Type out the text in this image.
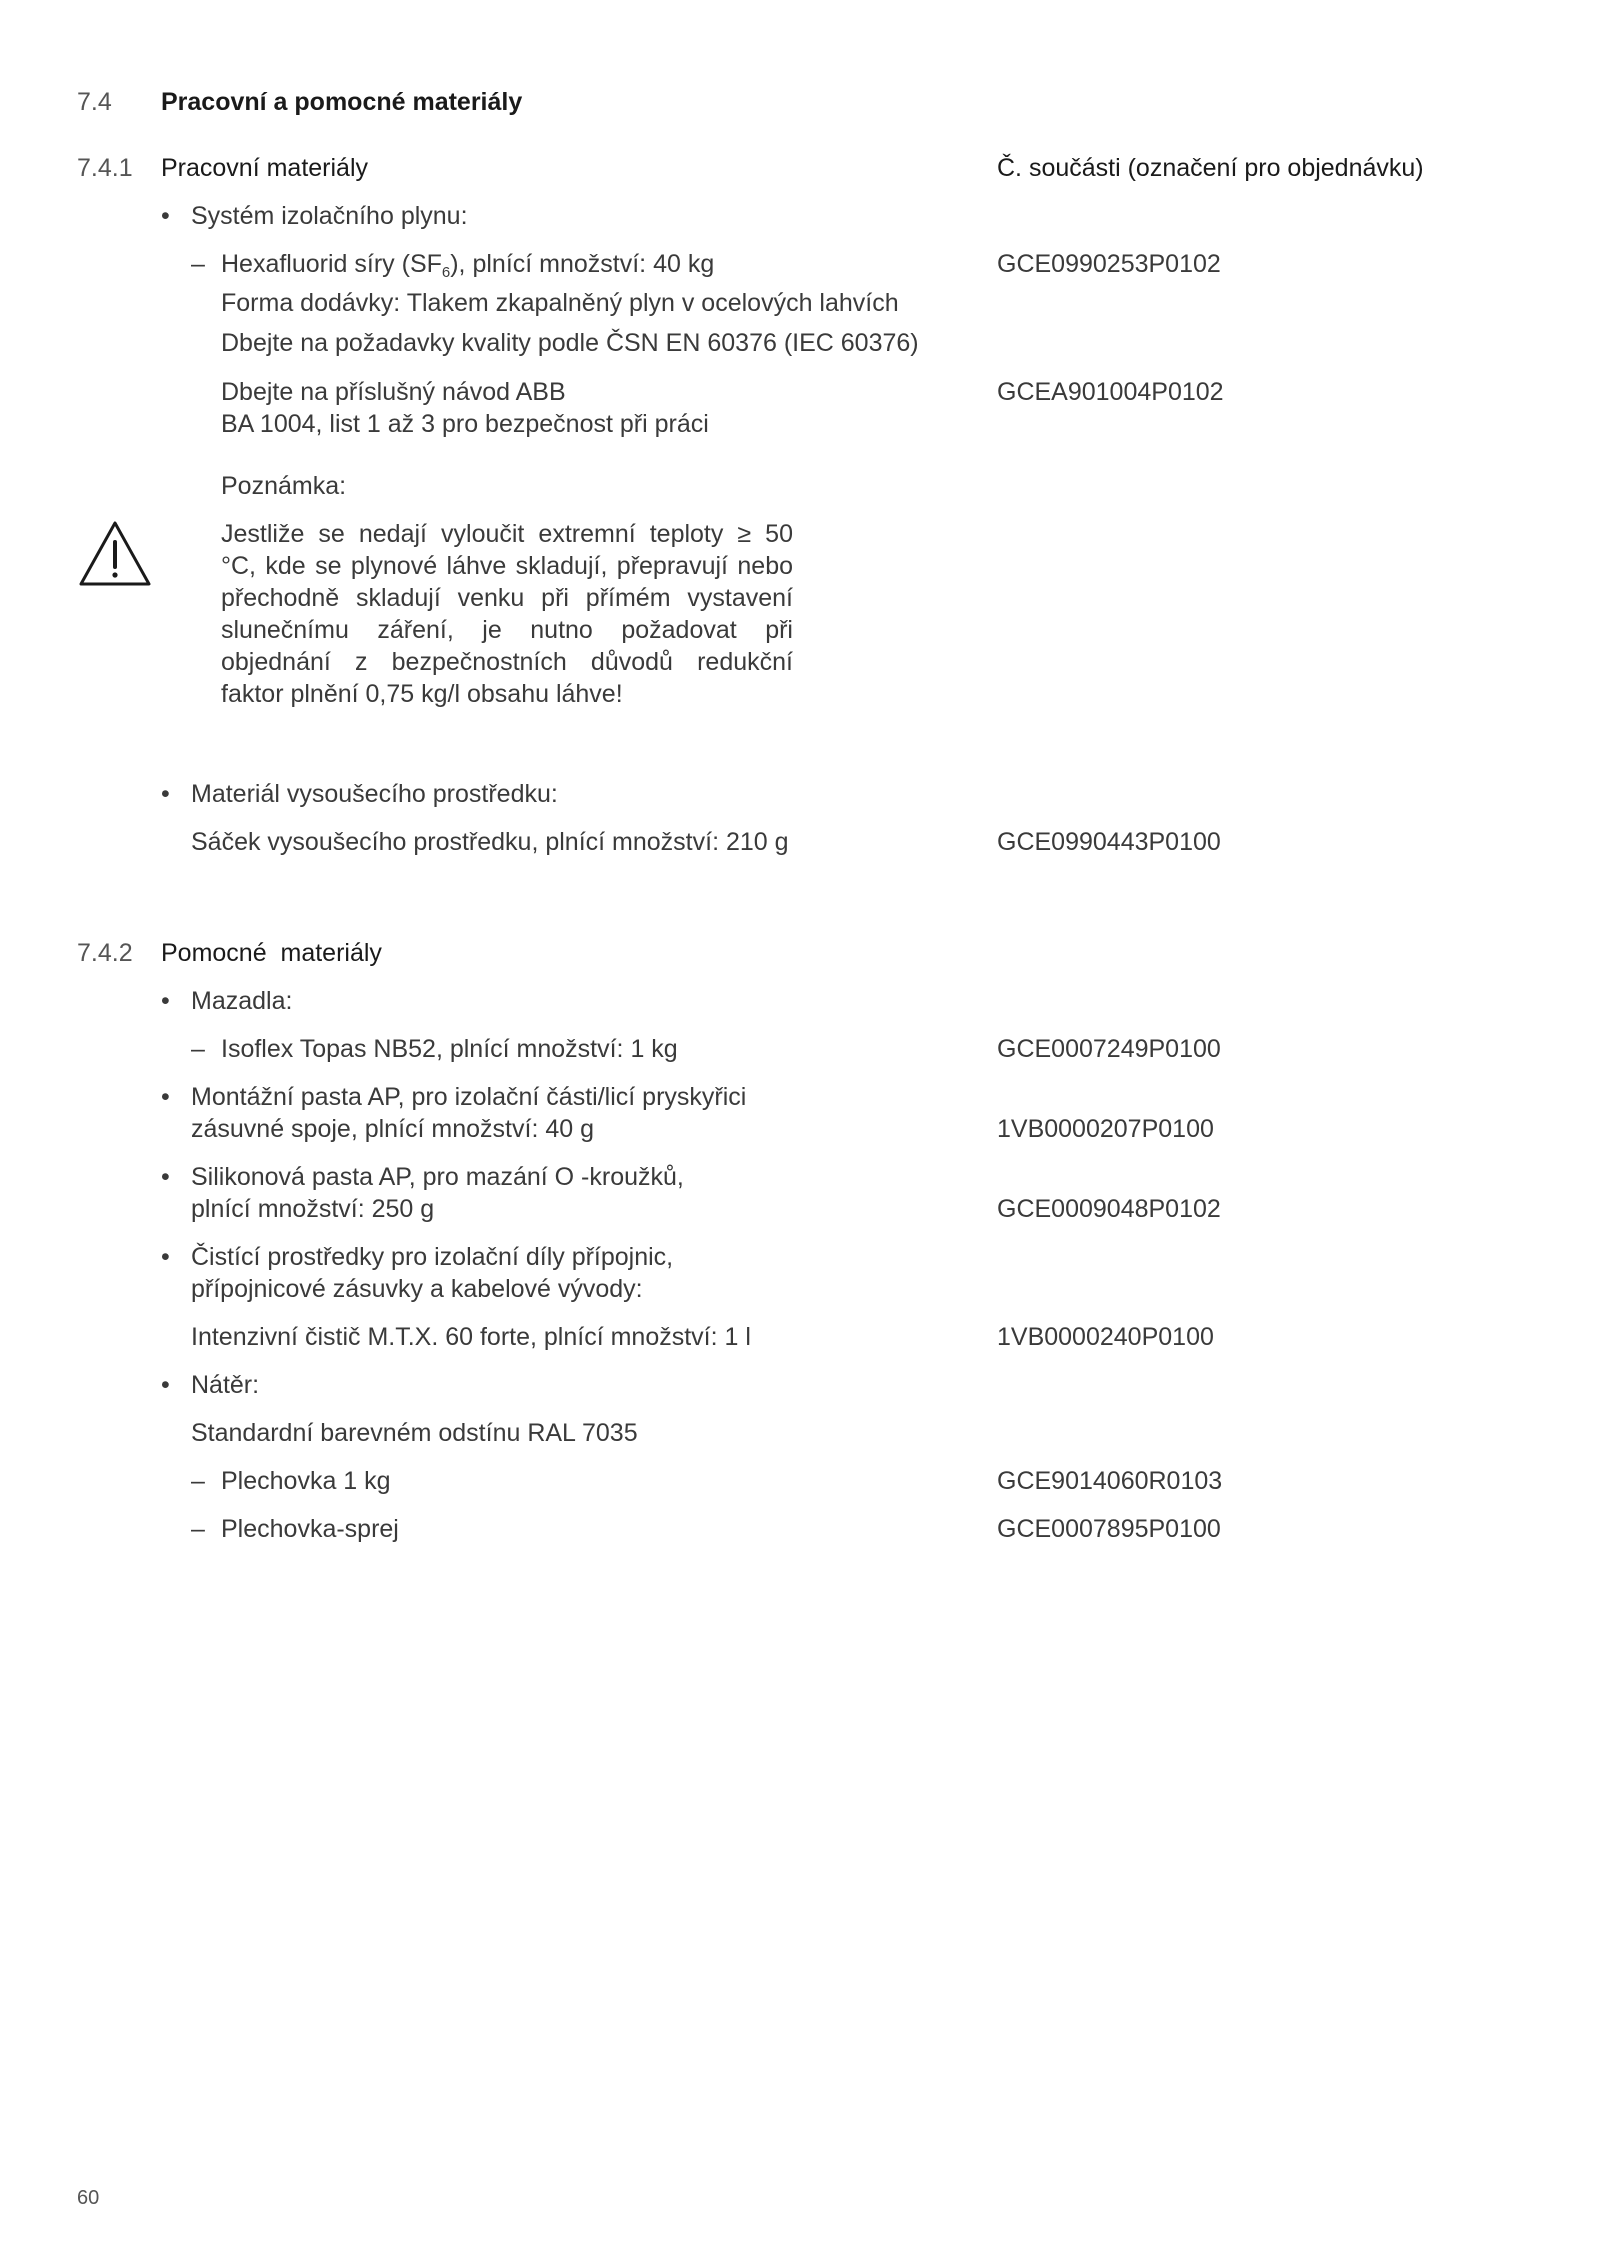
7.4 Pracovní a pomocné materiály
7.4.1 Pracovní materiály	Č. součásti (označení pro objednávku)
• Systém izolačního plynu:
– Hexafluorid síry $(SF_6)$, plnící množství: 40 kg	GCE0990253P0102
Forma dodávky: Tlakem zkapalněný plyn v ocelových lahvích
Dbejte na požadavky kvality podle ČSN EN 60376 (IEC 60376)
Dbejte na příslušný návod ABB	GCEA901004P0102
BA 1004, list 1 až 3 pro bezpečnost při práci
Poznámka:
Jestliže se nedají vyloučit extremní teploty ≥ 50
°C, kde se plynové láhve skladují, přepravují nebo
přechodně skladují venku při přímém vystavení
slunečnímu záření, je nutno požadovat při
objednání z bezpečnostních důvodů redukční
faktor plnění 0,75 kg/l obsahu láhve!
• Materiál vysoušecího prostředku:
Sáček vysoušecího prostředku, plnící množství: 210 g	GCE0990443P0100
7.4.2 Pomocné  materiály
• Mazadla:
– Isoflex Topas NB52, plnící množství: 1 kg	GCE0007249P0100
• Montážní pasta AP, pro izolační části/licí pryskyřici
zásuvné spoje, plnící množství: 40 g	1VB0000207P0100
• Silikonová pasta AP, pro mazání O -kroužků,
plnící množství: 250 g	GCE0009048P0102
• Čistící prostředky pro izolační díly přípojnic,
přípojnicové zásuvky a kabelové vývody:
Intenzivní čistič M.T.X. 60 forte, plnící množství: 1 l	1VB0000240P0100
• Nátěr:
Standardní barevném odstínu RAL 7035
– Plechovka 1 kg	GCE9014060R0103
– Plechovka-sprej	GCE0007895P0100
60
